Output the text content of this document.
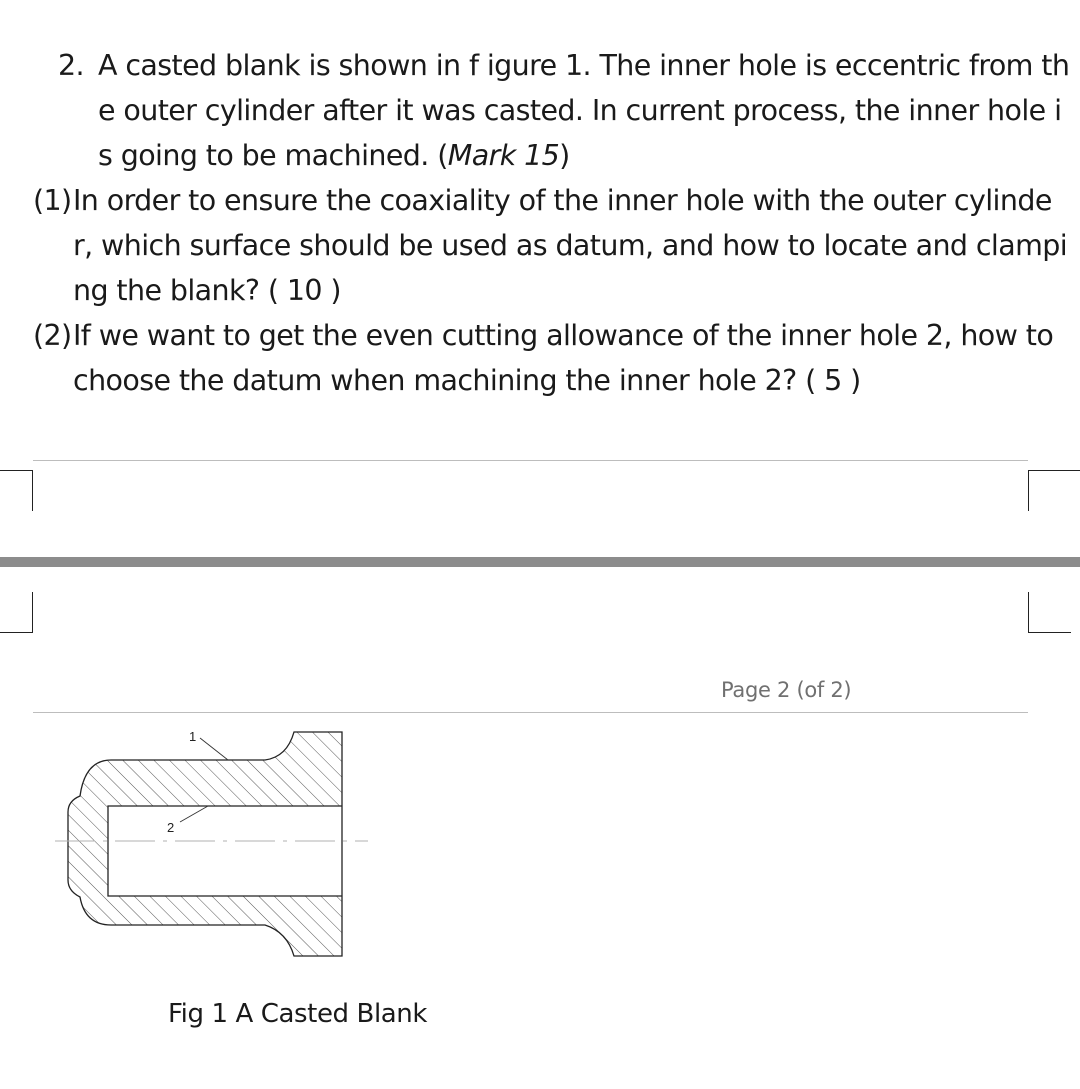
2. A casted blank is shown in f igure 1. The inner hole is eccentric from th
e outer cylinder after it was casted. In current process, the inner hole i
s going to be machined. (Mark 15)
(1) In order to ensure the coaxiality of the inner hole with the outer cylinde
r, which surface should be used as datum, and how to locate and clampi
ng the blank? ( 10 )
(2) If we want to get the even cutting allowance of the inner hole 2, how to
choose the datum when machining the inner hole 2? ( 5 )
Page 2 (of 2)
1
2
Fig 1 A Casted Blank
